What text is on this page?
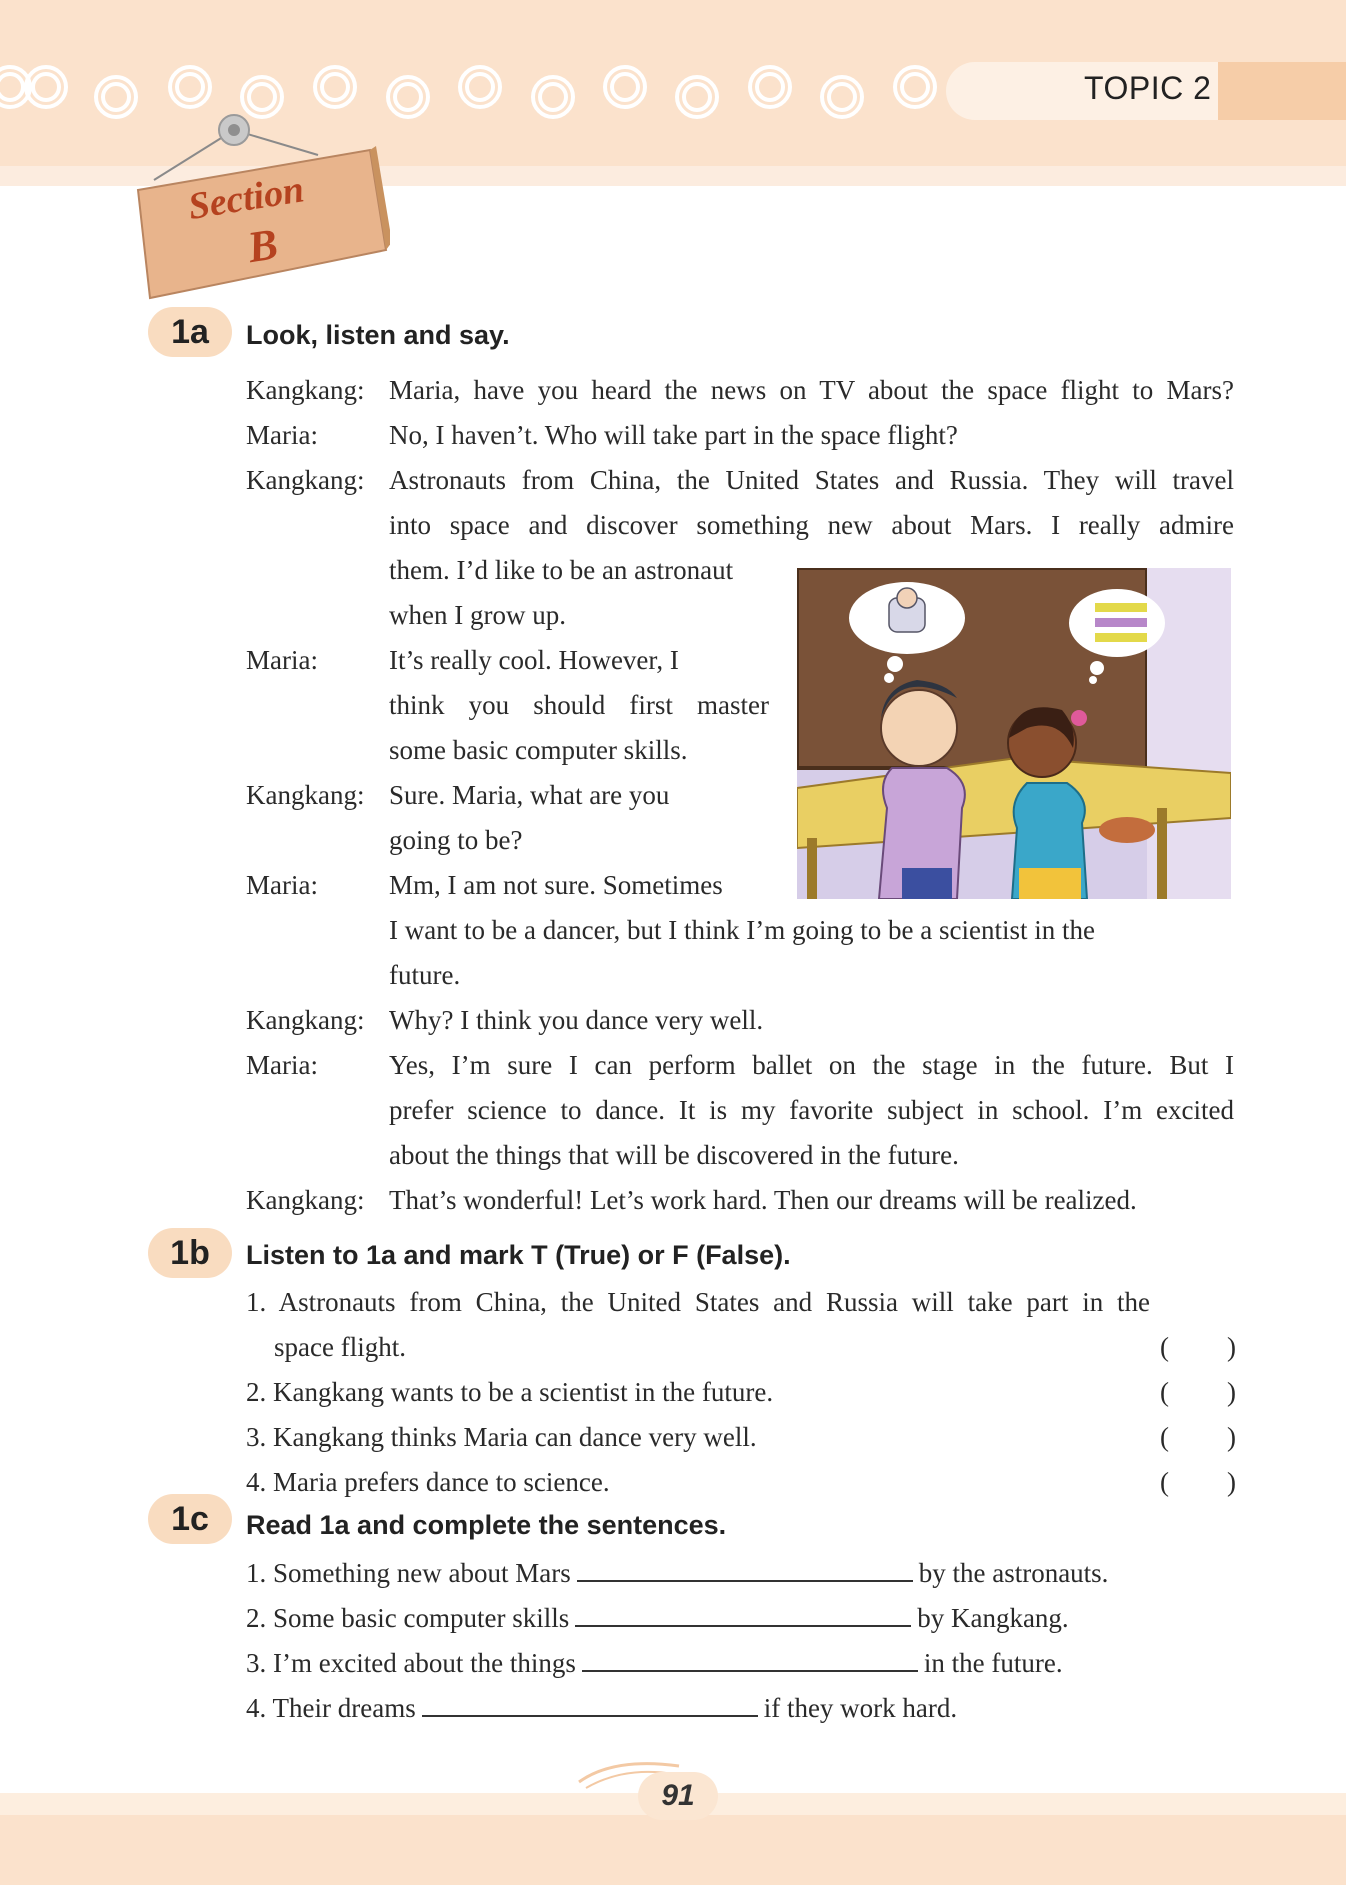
TOPIC 2
Section
B
1a	Look, listen and say.
Kangkang: Maria, have you heard the news on TV about the space flight to Mars?
Maria:	No, I haven’t. Who will take part in the space flight?
Kangkang: Astronauts from China, the United States and Russia. They will travel
into space and discover something new about Mars. I really admire
them. I’d like to be an astronaut
when I grow up.
Maria:	It’s really cool. However, I
think you should first master
some basic computer skills.
Kangkang: Sure. Maria, what are you
going to be?
Maria:	Mm, I am not sure. Sometimes
I want to be a dancer, but I think I’m going to be a scientist in the
future.
Kangkang: Why? I think you dance very well.
Maria:	Yes, I’m sure I can perform ballet on the stage in the future. But I
prefer science to dance. It is my favorite subject in school. I’m excited
about the things that will be discovered in the future.
Kangkang: That’s wonderful! Let’s work hard. Then our dreams will be realized.
1b	Listen to 1a and mark T (True) or F (False).
1. Astronauts from China, the United States and Russia will take part in the
space flight.	( )
2. Kangkang wants to be a scientist in the future.	( )
3. Kangkang thinks Maria can dance very well.	( )
4. Maria prefers dance to science.	( )
1c	Read 1a and complete the sentences.
1. Something new about Mars	by the astronauts.
2. Some basic computer skills	by Kangkang.
3. I’m excited about the things	in the future.
4. Their dreams	if they work hard.
91
